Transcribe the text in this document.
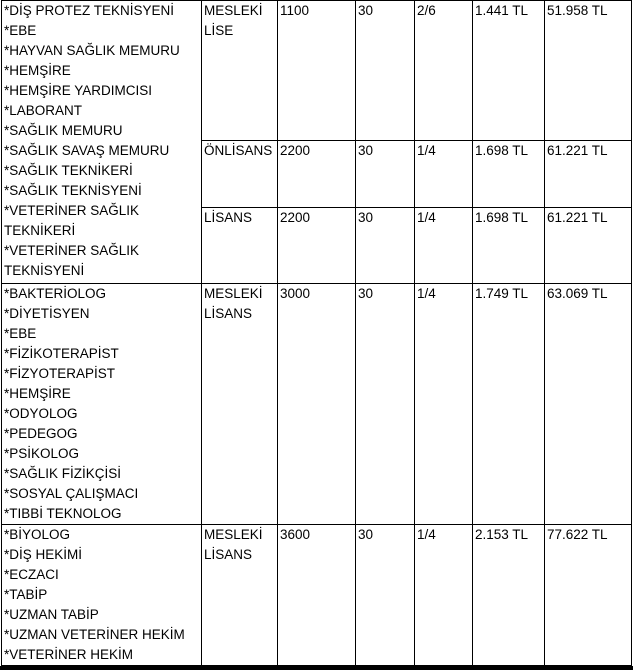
*DİŞ PROTEZ TEKNİSYENİ
*EBE
*HAYVAN SAĞLIK MEMURU
*HEMŞİRE
*HEMŞİRE YARDIMCISI
*LABORANT
*SAĞLIK MEMURU
*SAĞLIK SAVAŞ MEMURU
*SAĞLIK TEKNİKERİ
*SAĞLIK TEKNİSYENİ
*VETERİNER SAĞLIK TEKNİKERİ
*VETERİNER SAĞLIK TEKNİSYENİ
	MESLEKİ LİSE	1100	30	2/6	1.441 TL	51.958 TL
	ÖNLİSANS	2200	30	1/4	1.698 TL	61.221 TL
	LİSANS	2200	30	1/4	1.698 TL	61.221 TL

*BAKTERİOLOG
*DİYETİSYEN
*EBE
*FİZİKOTERAPİST
*FİZYOTERAPİST
*HEMŞİRE
*ODYOLOG
*PEDEGOG
*PSİKOLOG
*SAĞLIK FİZİKÇİSİ
*SOSYAL ÇALIŞMACI
*TIBBİ TEKNOLOG
	MESLEKİ LİSANS	3000	30	1/4	1.749 TL	63.069 TL

*BİYOLOG
*DİŞ HEKİMİ
*ECZACI
*TABİP
*UZMAN TABİP
*UZMAN VETERİNER HEKİM
*VETERİNER HEKİM
	MESLEKİ LİSANS	3600	30	1/4	2.153 TL	77.622 TL
